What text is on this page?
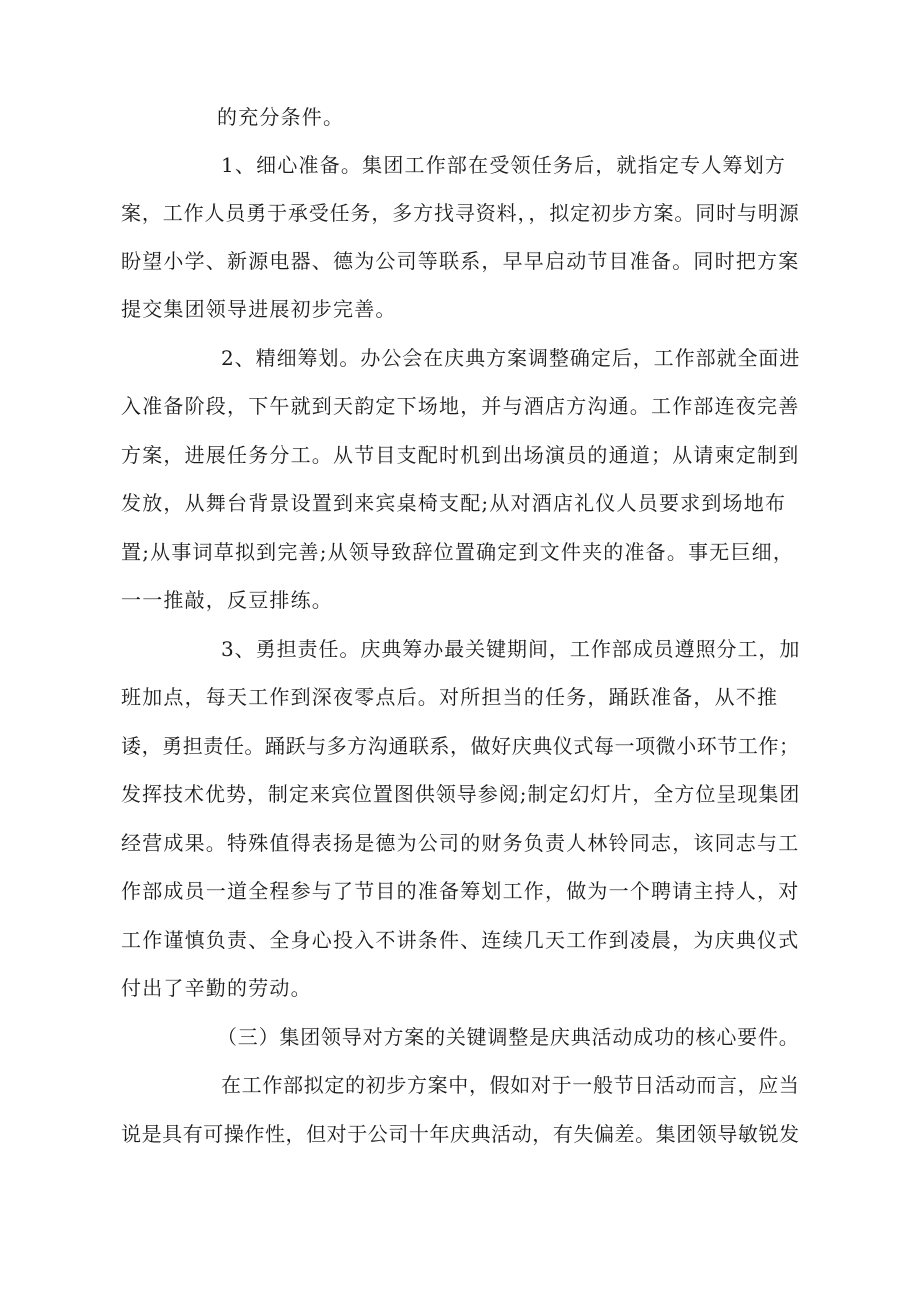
的充分条件。
1、细心准备。集团工作部在受领任务后，就指定专人筹划方
案，工作人员勇于承受任务，多方找寻资料，，拟定初步方案。同时与明源
盼望小学、新源电器、德为公司等联系，早早启动节目准备。同时把方案
提交集团领导进展初步完善。
2、精细筹划。办公会在庆典方案调整确定后，工作部就全面进
入准备阶段，下午就到天韵定下场地，并与酒店方沟通。工作部连夜完善
方案，进展任务分工。从节目支配时机到出场演员的通道；从请柬定制到
发放，从舞台背景设置到来宾桌椅支配;从对酒店礼仪人员要求到场地布
置;从事词草拟到完善;从领导致辞位置确定到文件夹的准备。事无巨细，
一一推敲，反豆排练。
3、勇担责任。庆典筹办最关键期间，工作部成员遵照分工，加
班加点，每天工作到深夜零点后。对所担当的任务，踊跃准备，从不推
诿，勇担责任。踊跃与多方沟通联系，做好庆典仪式每一项微小环节工作；
发挥技术优势，制定来宾位置图供领导参阅;制定幻灯片，全方位呈现集团
经营成果。特殊值得表扬是德为公司的财务负责人林铃同志，该同志与工
作部成员一道全程参与了节目的准备筹划工作，做为一个聘请主持人，对
工作谨慎负责、全身心投入不讲条件、连续几天工作到凌晨，为庆典仪式
付出了辛勤的劳动。
（三）集团领导对方案的关键调整是庆典活动成功的核心要件。
在工作部拟定的初步方案中，假如对于一般节日活动而言，应当
说是具有可操作性，但对于公司十年庆典活动，有失偏差。集团领导敏锐发
